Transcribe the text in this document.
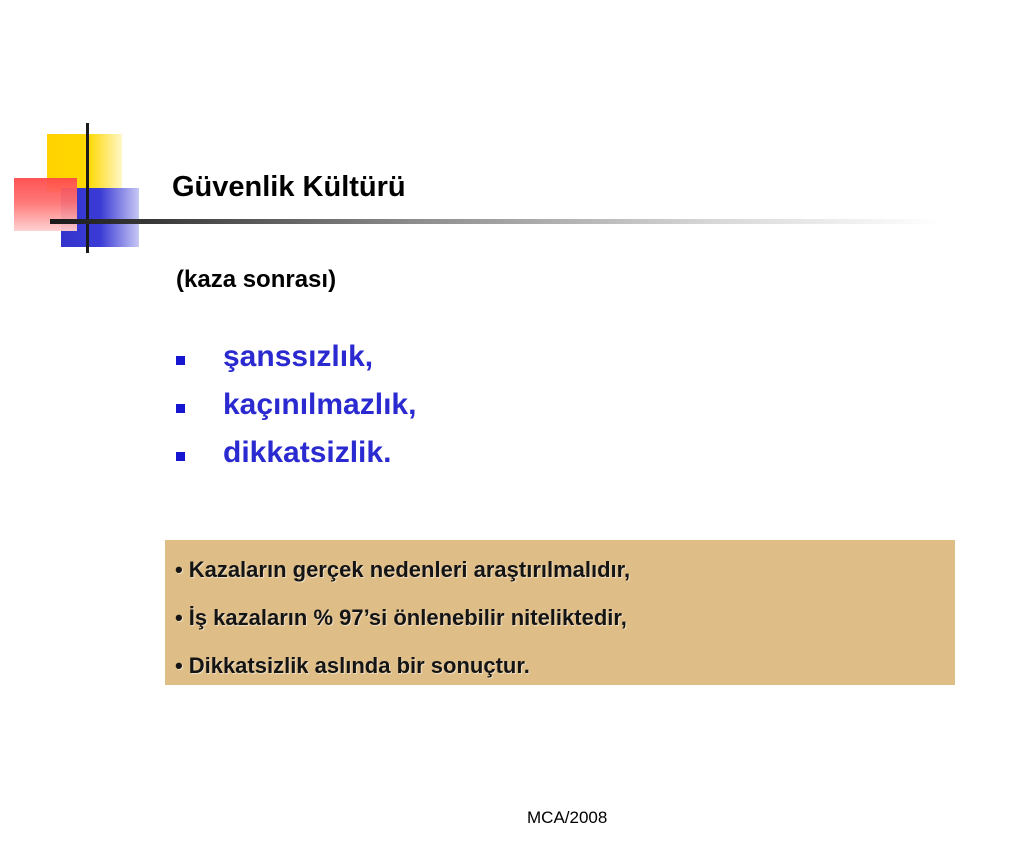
Güvenlik Kültürü
(kaza sonrası)
şanssızlık,
kaçınılmazlık,
dikkatsizlik.
• Kazaların gerçek nedenleri araştırılmalıdır,
• İş kazaların % 97’si önlenebilir niteliktedir,
• Dikkatsizlik aslında bir sonuçtur.
MCA/2008
